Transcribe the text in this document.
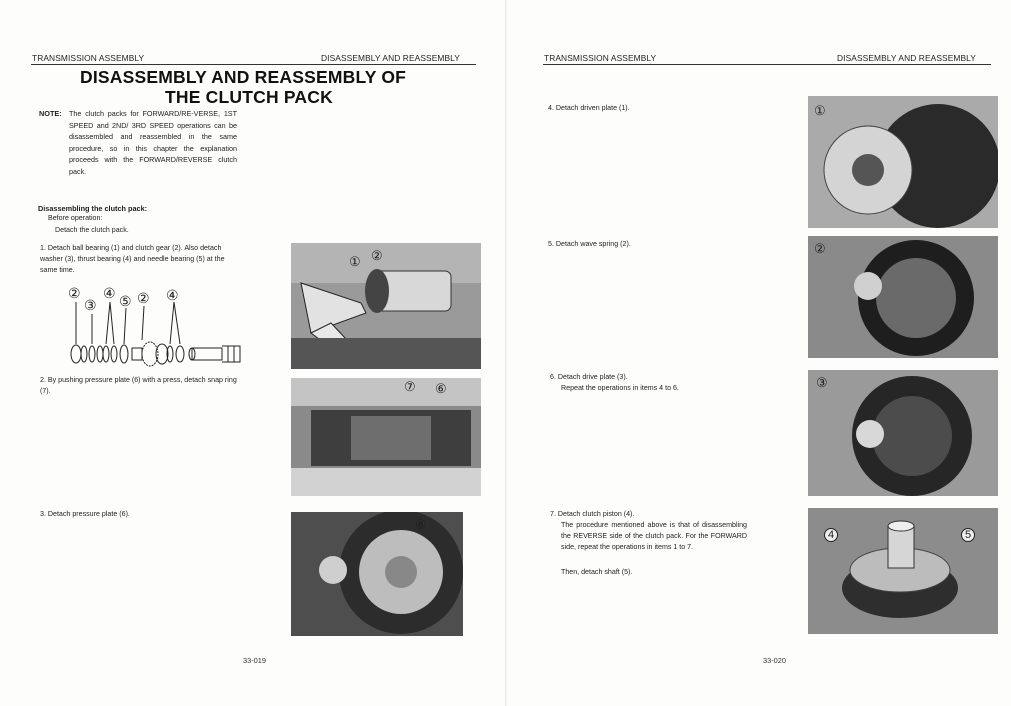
TRANSMISSION ASSEMBLY	DISASSEMBLY AND REASSEMBLY
DISASSEMBLY AND REASSEMBLY OF
THE CLUTCH PACK
NOTE: The clutch packs for FORWARD/RE-VERSE, 1ST SPEED and 2ND/ 3RD SPEED operations can be disassembled and reassembled in the same procedure, so in this chapter the explanation proceeds with the FORWARD/REVERSE clutch pack.
Disassembling the clutch pack:
Before operation:
Detach the clutch pack.
1. Detach ball bearing (1) and clutch gear (2). Also detach washer (3), thrust bearing (4) and needle bearing (5) at the same time.
②
③
④ ⑤ ② ④
① ②
2. By pushing pressure plate (6) with a press, detach snap ring (7).	⑦ ⑥
3. Detach pressure plate (6).
⑥
33-019
TRANSMISSION ASSEMBLY	DISASSEMBLY AND REASSEMBLY
4. Detach driven plate (1).	①
5. Detach wave spring (2).	②
6. Detach drive plate (3).
Repeat the operations in items 4 to 6.	③
7. Detach clutch piston (4).
The procedure mentioned above is that of disassembling the REVERSE side of the clutch pack. For the FORWARD side, repeat the operations in items 1 to 7.
Then, detach shaft (5).
4	5
33-020
